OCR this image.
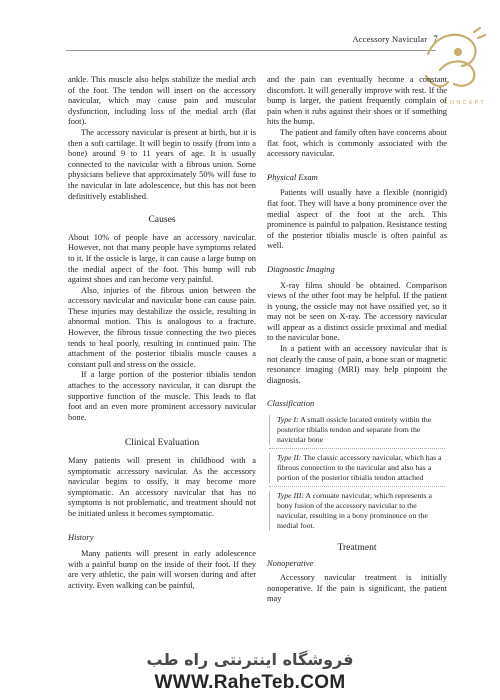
Accessory Navicular 7
CONCEPT

ankle. This muscle also helps stabilize the medial arch of the foot. The tendon will insert on the accessory navicular, which may cause pain and muscular dysfunction, including loss of the medial arch (flat foot).

The accessory navicular is present at birth, but it is then a soft cartilage. It will begin to ossify (from into a bone) around 9 to 11 years of age. It is usually connected to the navicular with a fibrous union. Some physicians believe that approximately 50% will fuse to the navicular in late adolescence, but this has not been definitively established.

Causes

About 10% of people have an accessory navicular. However, not that many people have symptoms related to it. If the ossicle is large, it can cause a large bump on the medial aspect of the foot. This bump will rub against shoes and can become very painful.

Also, injuries of the fibrous union between the accessory navicular and navicular bone can cause pain. These injuries may destabilize the ossicle, resulting in abnormal motion. This is analogous to a fracture. However, the fibrous tissue connecting the two pieces tends to heal poorly, resulting in continued pain. The attachment of the posterior tibialis muscle causes a constant pull and stress on the ossicle.

If a large portion of the posterior tibialis tendon attaches to the accessory navicular, it can disrupt the supportive function of the muscle. This leads to flat foot and an even more prominent accessory navicular bone.

Clinical Evaluation

Many patients will present in childhood with a symptomatic accessory navicular. As the accessory navicular begins to ossify, it may become more symptomatic. An accessory navicular that has no symptoms is not problematic, and treatment should not be initiated unless it becomes symptomatic.

History

Many patients will present in early adolescence with a painful bump on the inside of their foot. If they are very athletic, the pain will worsen during and after activity. Even walking can be painful,

and the pain can eventually become a constant discomfort. It will generally improve with rest. If the bump is larger, the patient frequently complain of pain when it rubs against their shoes or if something hits the bump.

The patient and family often have concerns about flat foot, which is commonly associated with the accessory navicular.

Physical Exam

Patients will usually have a flexible (nonrigid) flat foot. They will have a bony prominence over the medial aspect of the foot at the arch. This prominence is painful to palpation. Resistance testing of the posterior tibialis muscle is often painful as well.

Diagnostic Imaging

X-ray films should be obtained. Comparison views of the other foot may be helpful. If the patient is young, the ossicle may not have ossified yet, so it may not be seen on X-ray. The accessory navicular will appear as a distinct ossicle proximal and medial to the navicular bone.

In a patient with an accessory navicular that is not clearly the cause of pain, a bone scan or magnetic resonance imaging (MRI) may help pinpoint the diagnosis.

Classification

Type I: A small ossicle located entirely within the posterior tibialis tendon and separate from the navicular bone

Type II: The classic accessory navicular, which has a fibrous connection to the navicular and also has a portion of the posterior tibialis tendon attached

Type III: A cornuate navicular, which represents a bony fusion of the accessory navicular to the navicular, resulting in a bony prominence on the medial foot.

Treatment

Nonoperative

Accessory navicular treatment is initially nonoperative. If the pain is significant, the patient may

فروشگاه اینترنتی راه طب
WWW.RaheTeb.COM
